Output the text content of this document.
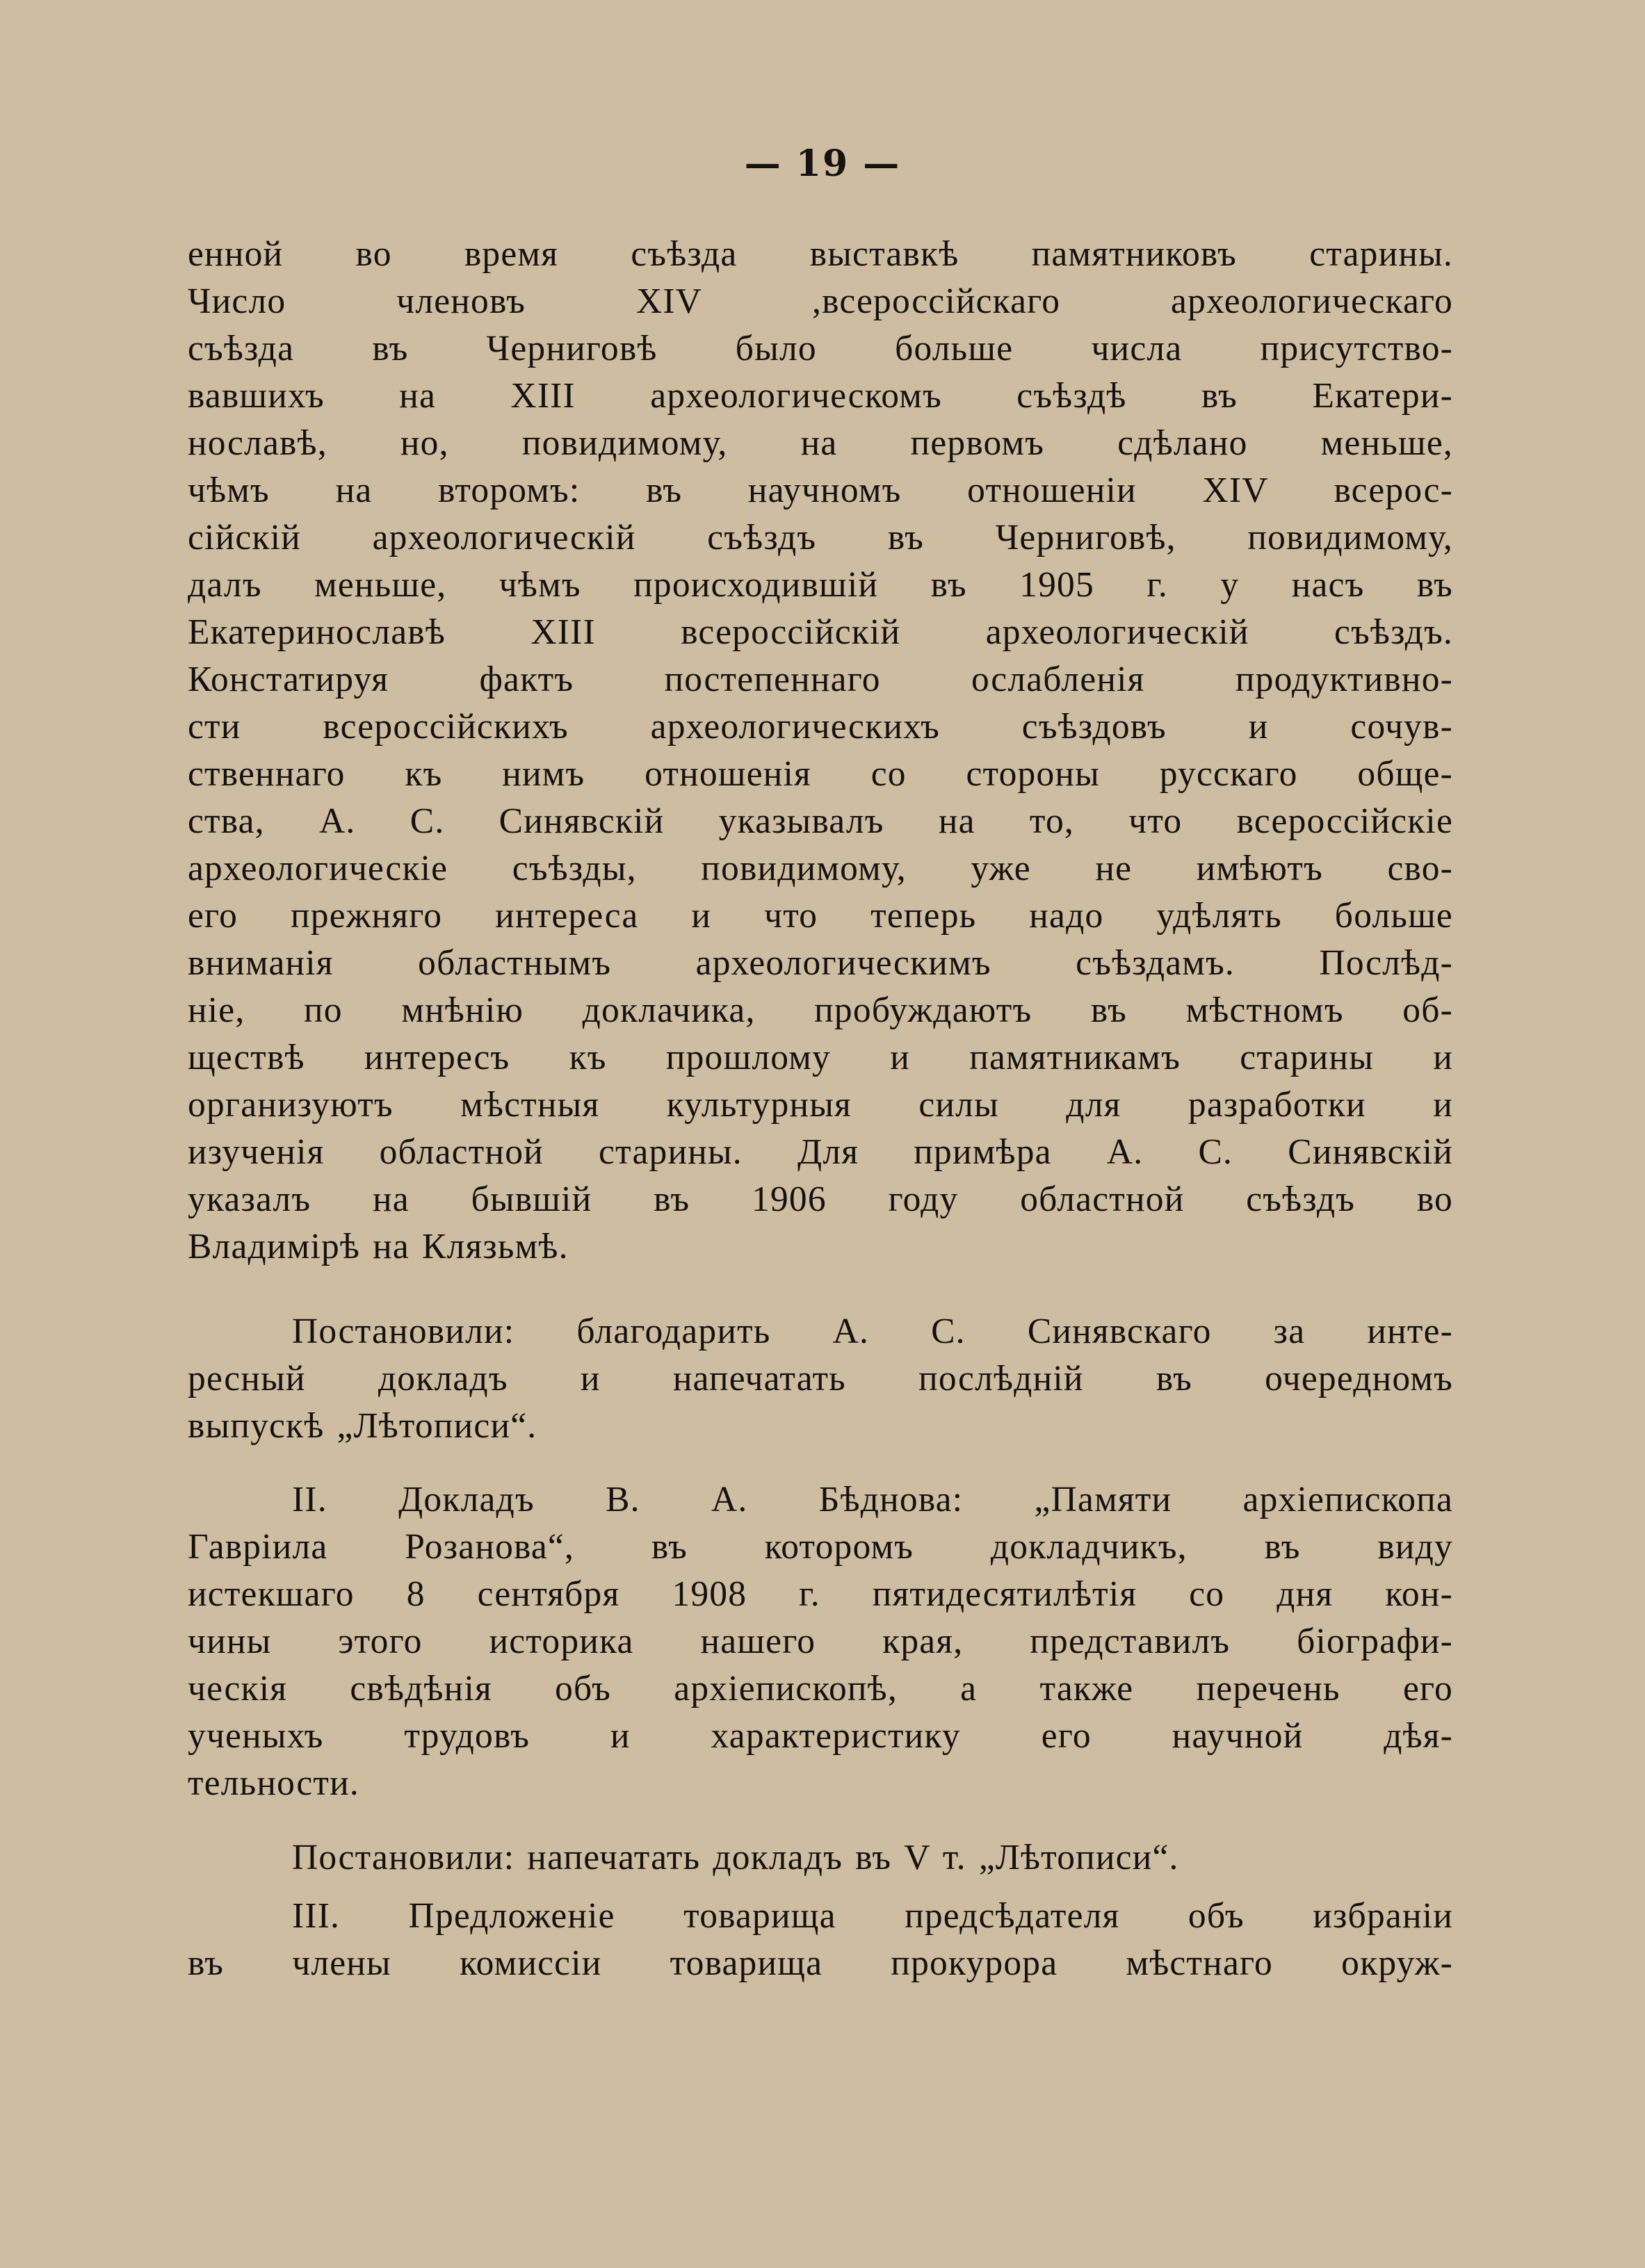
— 19 —
енной во время съѣзда выставкѣ памятниковъ старины.
Число членовъ XIV ,всероссійскаго археологическаго
съѣзда въ Черниговѣ было больше числа присутство-
вавшихъ на XIII археологическомъ съѣздѣ въ Екатери-
нославѣ, но, повидимому, на первомъ сдѣлано меньше,
чѣмъ на второмъ: въ научномъ отношеніи XIV всерос-
сійскій археологическій съѣздъ въ Черниговѣ, повидимому,
далъ меньше, чѣмъ происходившій въ 1905 г. у насъ въ
Екатеринославѣ XIII всероссійскій археологическій съѣздъ.
Констатируя фактъ постепеннаго ослабленія продуктивно-
сти всероссійскихъ археологическихъ съѣздовъ и сочув-
ственнаго къ нимъ отношенія со стороны русскаго обще-
ства, А. С. Синявскій указывалъ на то, что всероссійскіе
археологическіе съѣзды, повидимому, уже не имѣютъ сво-
его прежняго интереса и что теперь надо удѣлять больше
вниманія областнымъ археологическимъ съѣздамъ. Послѣд-
ніе, по мнѣнію доклачика, пробуждаютъ въ мѣстномъ об-
ществѣ интересъ къ прошлому и памятникамъ старины и
организуютъ мѣстныя культурныя силы для разработки и
изученія областной старины. Для примѣра А. С. Синявскій
указалъ на бывшій въ 1906 году областной съѣздъ во
Владимірѣ на Клязьмѣ.
Постановили: благодарить А. С. Синявскаго за инте-
ресный докладъ и напечатать послѣдній въ очередномъ
выпускѣ „Лѣтописи“.
II. Докладъ В. А. Бѣднова: „Памяти архіепископа
Гаврiила Розанова“, въ которомъ докладчикъ, въ виду
истекшаго 8 сентября 1908 г. пятидесятилѣтія со дня кон-
чины этого историка нашего края, представилъ біографи-
ческія свѣдѣнія объ архіепископѣ, а также перечень его
ученыхъ трудовъ и характеристику его научной дѣя-
тельности.
Постановили: напечатать докладъ въ V т. „Лѣтописи“.
III. Предложеніе товарища предсѣдателя объ избраніи
въ члены комиссіи товарища прокурора мѣстнаго окруж-
